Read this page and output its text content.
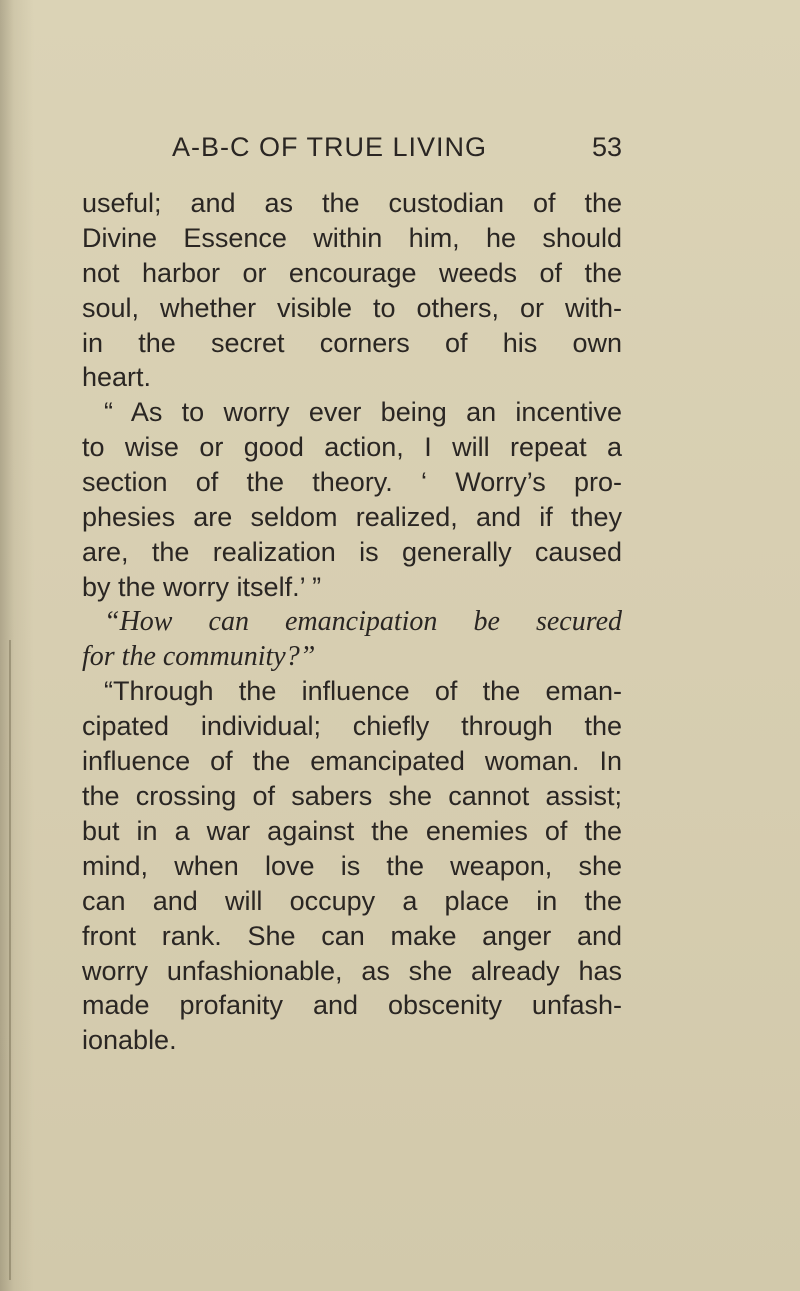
A-B-C OF TRUE LIVING	53
useful; and as the custodian of the
Divine Essence within him, he should
not harbor or encourage weeds of the
soul, whether visible to others, or with-
in the secret corners of his own
heart.
“ As to worry ever being an incentive
to wise or good action, I will repeat a
section of the theory. ‘ Worry’s pro-
phesies are seldom realized, and if they
are, the realization is generally caused
by the worry itself.’ ”
“How can emancipation be secured
for the community?”
“Through the influence of the eman-
cipated individual; chiefly through the
influence of the emancipated woman. In
the crossing of sabers she cannot assist;
but in a war against the enemies of the
mind, when love is the weapon, she
can and will occupy a place in the
front rank. She can make anger and
worry unfashionable, as she already has
made profanity and obscenity unfash-
ionable.
